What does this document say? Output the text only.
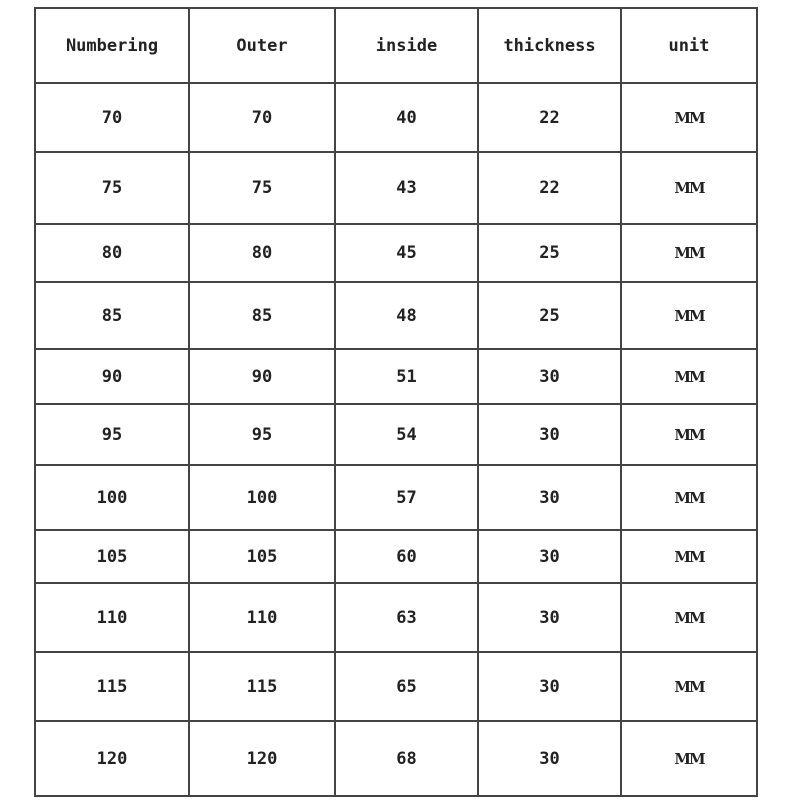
Numbering	Outer	inside	thickness	unit
70	70	40	22	MM
75	75	43	22	MM
80	80	45	25	MM
85	85	48	25	MM
90	90	51	30	MM
95	95	54	30	MM
100	100	57	30	MM
105	105	60	30	MM
110	110	63	30	MM
115	115	65	30	MM
120	120	68	30	MM
